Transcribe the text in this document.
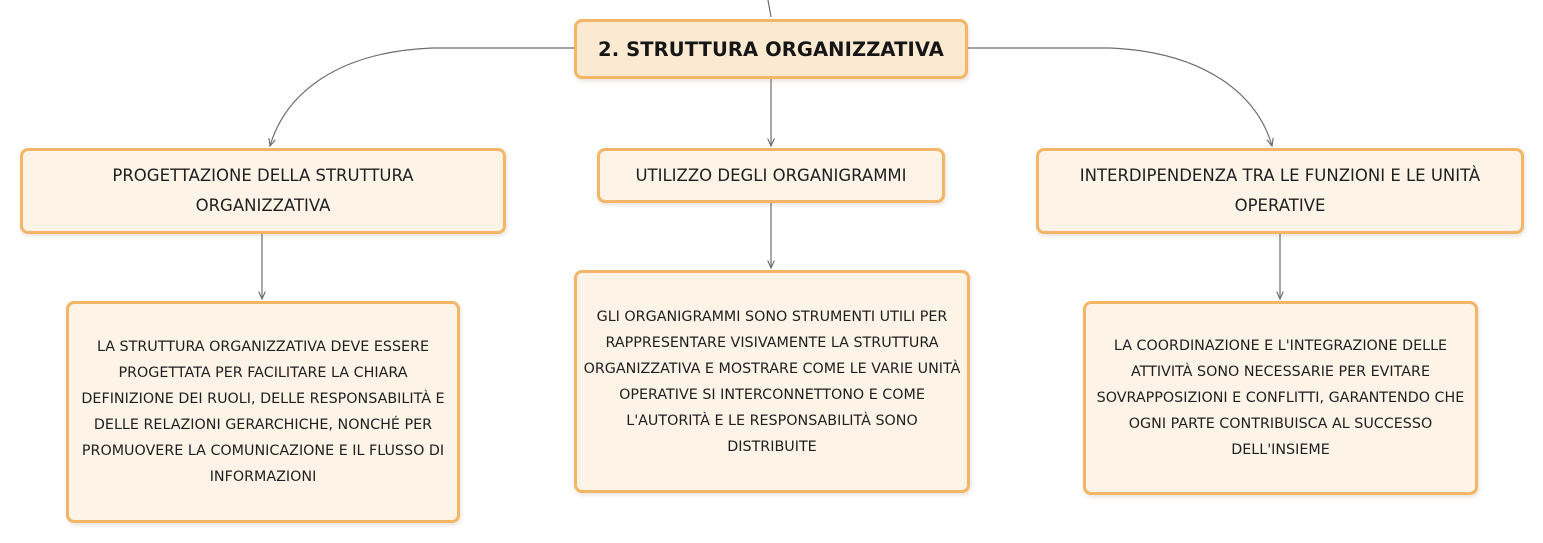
2. STRUTTURA ORGANIZZATIVA
PROGETTAZIONE DELLA STRUTTURA ORGANIZZATIVA
UTILIZZO DEGLI ORGANIGRAMMI	INTERDIPENDENZA TRA LE FUNZIONI E LE UNITÀ OPERATIVE
LA STRUTTURA ORGANIZZATIVA DEVE ESSERE PROGETTATA PER FACILITARE LA CHIARA DEFINIZIONE DEI RUOLI, DELLE RESPONSABILITÀ E DELLE RELAZIONI GERARCHICHE, NONCHÉ PER PROMUOVERE LA COMUNICAZIONE E IL FLUSSO DI INFORMAZIONI
GLI ORGANIGRAMMI SONO STRUMENTI UTILI PER RAPPRESENTARE VISIVAMENTE LA STRUTTURA ORGANIZZATIVA E MOSTRARE COME LE VARIE UNITÀ OPERATIVE SI INTERCONNETTONO E COME L'AUTORITÀ E LE RESPONSABILITÀ SONO DISTRIBUITE
LA COORDINAZIONE E L'INTEGRAZIONE DELLE ATTIVITÀ SONO NECESSARIE PER EVITARE SOVRAPPOSIZIONI E CONFLITTI, GARANTENDO CHE OGNI PARTE CONTRIBUISCA AL SUCCESSO DELL'INSIEME
